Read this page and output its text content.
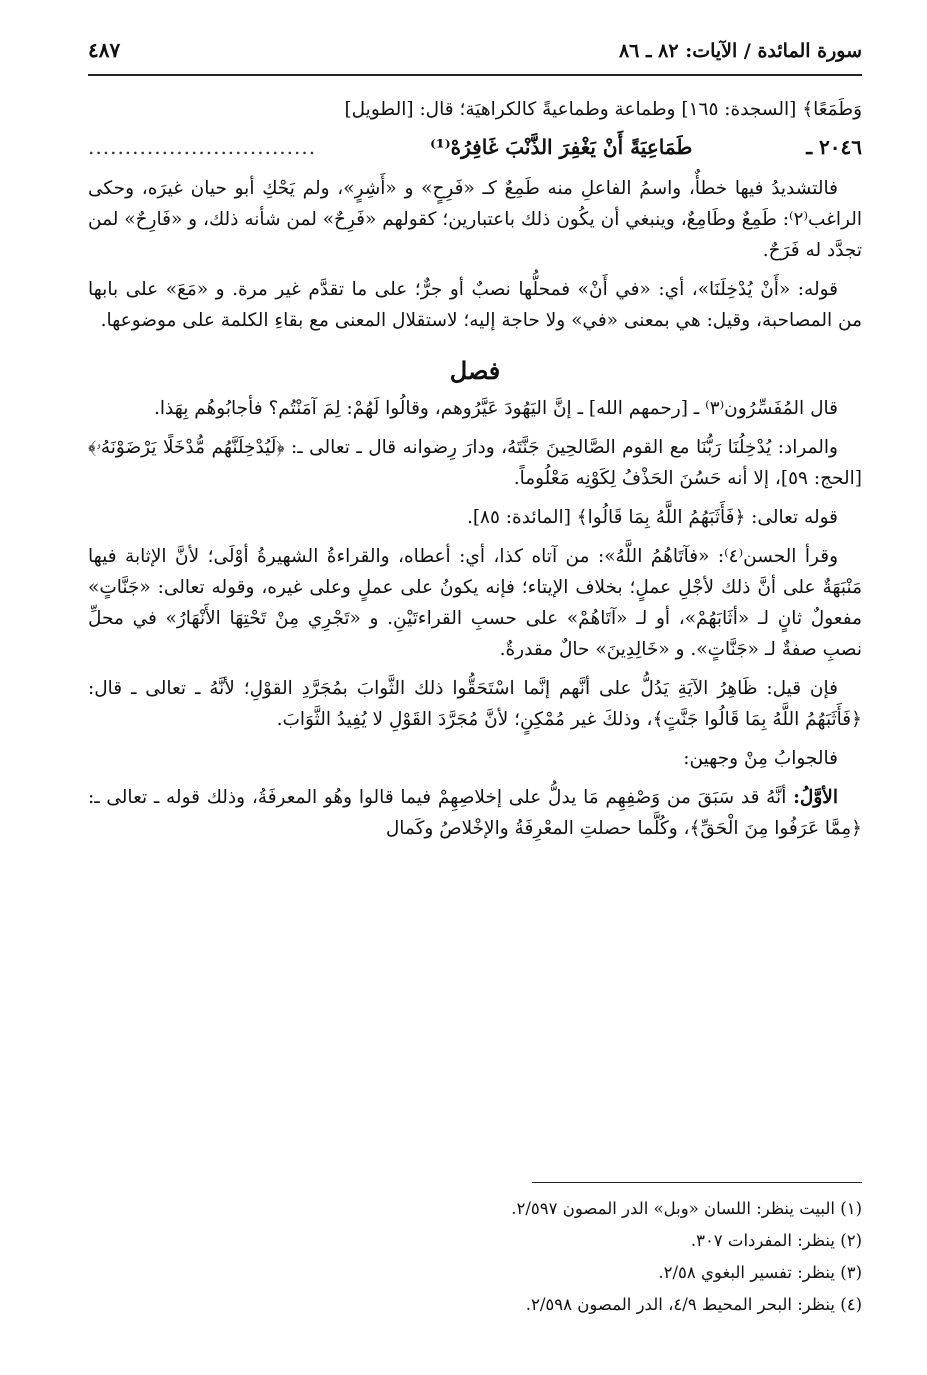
سورة المائدة / الآيات: ٨٢ ـ ٨٦
٤٨٧

وَطَمَعًا﴾ [السجدة: ١٦٥] وطماعة وطماعيةً كالكراهيَة؛ قال: [الطويل]

٢٠٤٦ ـ
طَمَاعِيَةً أَنْ يَغْفِرَ الذَّنْبَ غَافِرُهْ⁽¹⁾
...............................

فالتشديدُ فيها خطأٌ، واسمُ الفاعلِ منه طَمِعٌ كـ «فَرِحٍ» و «أَشِرٍ»، ولم يَحْكِ أبو حيان غيرَه، وحكى الراغب⁽٢⁾: طَمِعٌ وطَامِعٌ، وينبغي أن يكُون ذلك باعتبارين؛ كقولهم «فَرِحٌ» لمن شأنه ذلك، و «فَارِحٌ» لمن تجدَّد له فَرَحٌ.

قوله: «أَنْ يُدْخِلَنَا»، أي: «في أَنْ» فمحلُّها نصبٌ أو جرٌّ؛ على ما تقدَّم غير مرة. و «مَعَ» على بابها من المصاحبة، وقيل: هي بمعنى «في» ولا حاجة إليه؛ لاستقلال المعنى مع بقاءِ الكلمة على موضوعها.

فصل

قال المُفَسِّرُون⁽٣⁾ ـ [رحمهم الله] ـ إنَّ اليَهُودَ عَيَّرُوهم، وقالُوا لَهُمْ: لِمَ آمَنْتُم؟ فأجابُوهُم بِهَذا.

والمراد: يُدْخِلُنَا رَبُّنَا مع القوم الصَّالحِينَ جَنَّتَهُ، ودارَ رِضوانه قال ـ تعالى ـ: ﴿لَيُدْخِلَنَّهُم مُّدْخَلًا يَرْضَوْنَهُۥ﴾ [الحج: ٥٩]، إلا أنه حَسُنَ الحَذْفُ لِكَوْنِه مَعْلُوماً.

قوله تعالى: ﴿فَأَثَبَهُمُ اللَّهُ بِمَا قَالُوا﴾ [المائدة: ٨٥].

وقرأ الحسن⁽٤⁾: «فآتَاهُمُ اللَّهُ»: من آتاه كذا، أي: أعطاه، والقراءةُ الشهيرةُ أوْلَى؛ لأنَّ الإثابة فيها مَنْبَهَةٌ على أنَّ ذلك لأجْلِ عملٍ؛ بخلاف الإيتاء؛ فإنه يكونُ على عملٍ وعلى غيره، وقوله تعالى: «جَنَّاتٍ» مفعولٌ ثانٍ لـ «أثَابَهُمْ»، أو لـ «آتَاهُمْ» على حسبِ القراءتَيْنِ. و «تَجْرِي مِنْ تَحْتِهَا الأَنْهَارُ» في محلِّ نصبِ صفةٌ لـ «جَنَّاتٍ». و «خَالِدِينَ» حالٌ مقدرةٌ.

فإن قيل: ظَاهِرُ الآيَةِ يَدُلُّ على أنَّهم إنَّما اسْتَحَقُّوا ذلك الثَّوابَ بمُجَرَّدِ القوْلِ؛ لأنَّهُ ـ تعالى ـ قال: ﴿فَأَثَبَهُمُ اللَّهُ بِمَا قَالُوا جَنَّتٍ﴾، وذلكَ غير مُمْكِنٍ؛ لأنَّ مُجَرَّدَ القَوْلِ لا يُفِيدُ الثَّوَابَ.

فالجوابُ مِنْ وجهين:

الأوَّلُ: أنَّهُ قد سَبَقَ من وَصْفِهِم مَا يدلُّ على إخلاصِهِمْ فيما قالوا وهُو المعرفَةُ، وذلك قوله ـ تعالى ـ: ﴿مِمَّا عَرَفُوا مِنَ الْحَقِّ﴾، وكُلَّما حصلتِ المعْرِفَةُ والإخْلاصُ وكَمال

(١) البيت ينظر: اللسان «وبل» الدر المصون ٢/٥٩٧.

(٢) ينظر: المفردات ٣٠٧.

(٣) ينظر: تفسير البغوي ٢/٥٨.

(٤) ينظر: البحر المحيط ٤/٩، الدر المصون ٢/٥٩٨.
